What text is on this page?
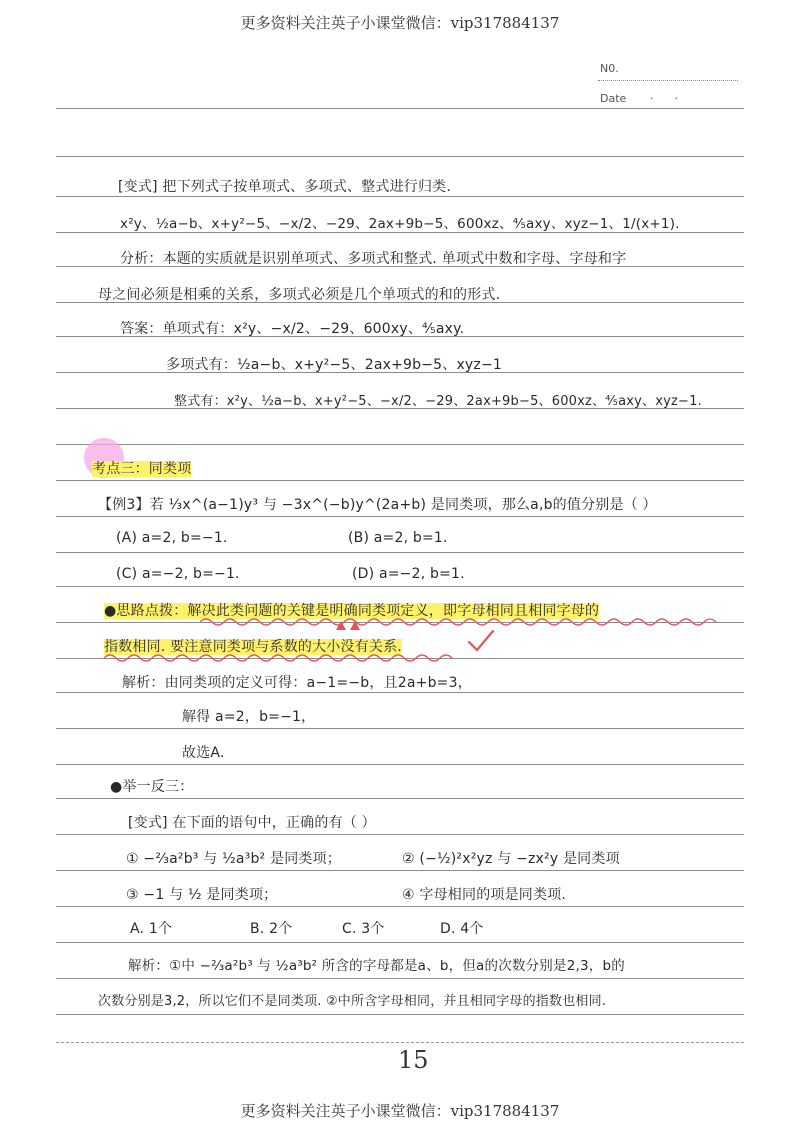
更多资料关注英子小课堂微信：vip317884137
更多资料关注英子小课堂微信：vip317884137
N0.
Date ·      ·
[变式] 把下列式子按单项式、多项式、整式进行归类.
x²y、½a−b、x+y²−5、−x/2、−29、2ax+9b−5、600xz、⅘axy、xyz−1、1/(x+1).
分析：本题的实质就是识别单项式、多项式和整式. 单项式中数和字母、字母和字
母之间必须是相乘的关系，多项式必须是几个单项式的和的形式.
答案：单项式有：x²y、−x/2、−29、600xy、⅘axy.
多项式有：½a−b、x+y²−5、2ax+9b−5、xyz−1
整式有：x²y、½a−b、x+y²−5、−x/2、−29、2ax+9b−5、600xz、⅘axy、xyz−1.
考点三：同类项
【例3】若 ⅓x^(a−1)y³ 与 −3x^(−b)y^(2a+b) 是同类项，那么a,b的值分别是（ ）
(A) a=2, b=−1.	(B) a=2, b=1.
(C) a=−2, b=−1.	(D) a=−2, b=1.
●思路点拨：解决此类问题的关键是明确同类项定义，即字母相同且相同字母的
指数相同. 要注意同类项与系数的大小没有关系.
解析：由同类项的定义可得：a−1=−b，且2a+b=3，
解得 a=2，b=−1，
故选A.
●举一反三：
[变式] 在下面的语句中，正确的有（ ）
① −⅔a²b³ 与 ½a³b² 是同类项；	② (−½)²x²yz 与 −zx²y 是同类项
③ −1 与 ½ 是同类项；	④ 字母相同的项是同类项.
A. 1个	B. 2个	C. 3个	D. 4个
解析：①中 −⅔a²b³ 与 ½a³b² 所含的字母都是a、b，但a的次数分别是2,3，b的
次数分别是3,2，所以它们不是同类项. ②中所含字母相同，并且相同字母的指数也相同.
15
